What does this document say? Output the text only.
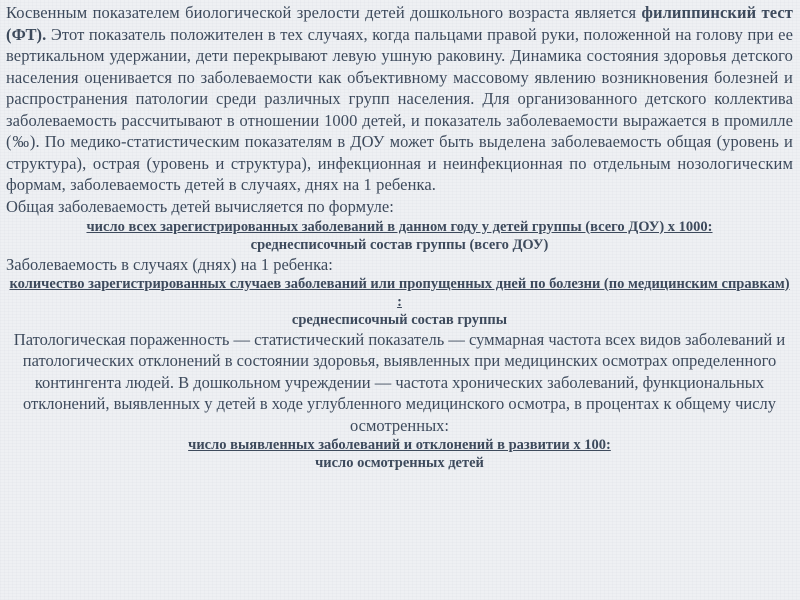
Косвенным показателем биологической зрелости детей дошкольного возраста является филиппинский тест (ФТ). Этот показатель положителен в тех случаях, когда пальцами правой руки, положенной на голову при ее вертикальном удержании, дети перекрывают левую ушную раковину. Динамика состояния здоровья детского населения оценивается по заболеваемости как объективному массовому явлению возникновения болезней и распространения патологии среди различных групп населения. Для организованного детского коллектива заболеваемость рассчитывают в отношении 1000 детей, и показатель заболеваемости выражается в промилле (‰). По медико-статистическим показателям в ДОУ может быть выделена заболеваемость общая (уровень и структура), острая (уровень и структура), инфекционная и неинфекционная по отдельным нозологическим формам, заболеваемость детей в случаях, днях на 1 ребенка.

Общая заболеваемость детей вычисляется по формуле:

число всех зарегистрированных заболеваний в данном году у детей группы (всего ДОУ) х 1000:
среднесписочный состав группы (всего ДОУ)

Заболеваемость в случаях (днях) на 1 ребенка:

количество зарегистрированных случаев заболеваний или пропущенных дней по болезни (по медицинским справкам) :
среднесписочный состав группы

Патологическая пораженность — статистический показатель — суммарная частота всех видов заболеваний и патологических отклонений в состоянии здоровья, выявленных при медицинских осмотрах определенного контингента людей. В дошкольном учреждении — частота хронических заболеваний, функциональных отклонений, выявленных у детей в ходе углубленного медицинского осмотра, в процентах к общему числу осмотренных:

число выявленных заболеваний и отклонений в развитии х 100:
число осмотренных детей
